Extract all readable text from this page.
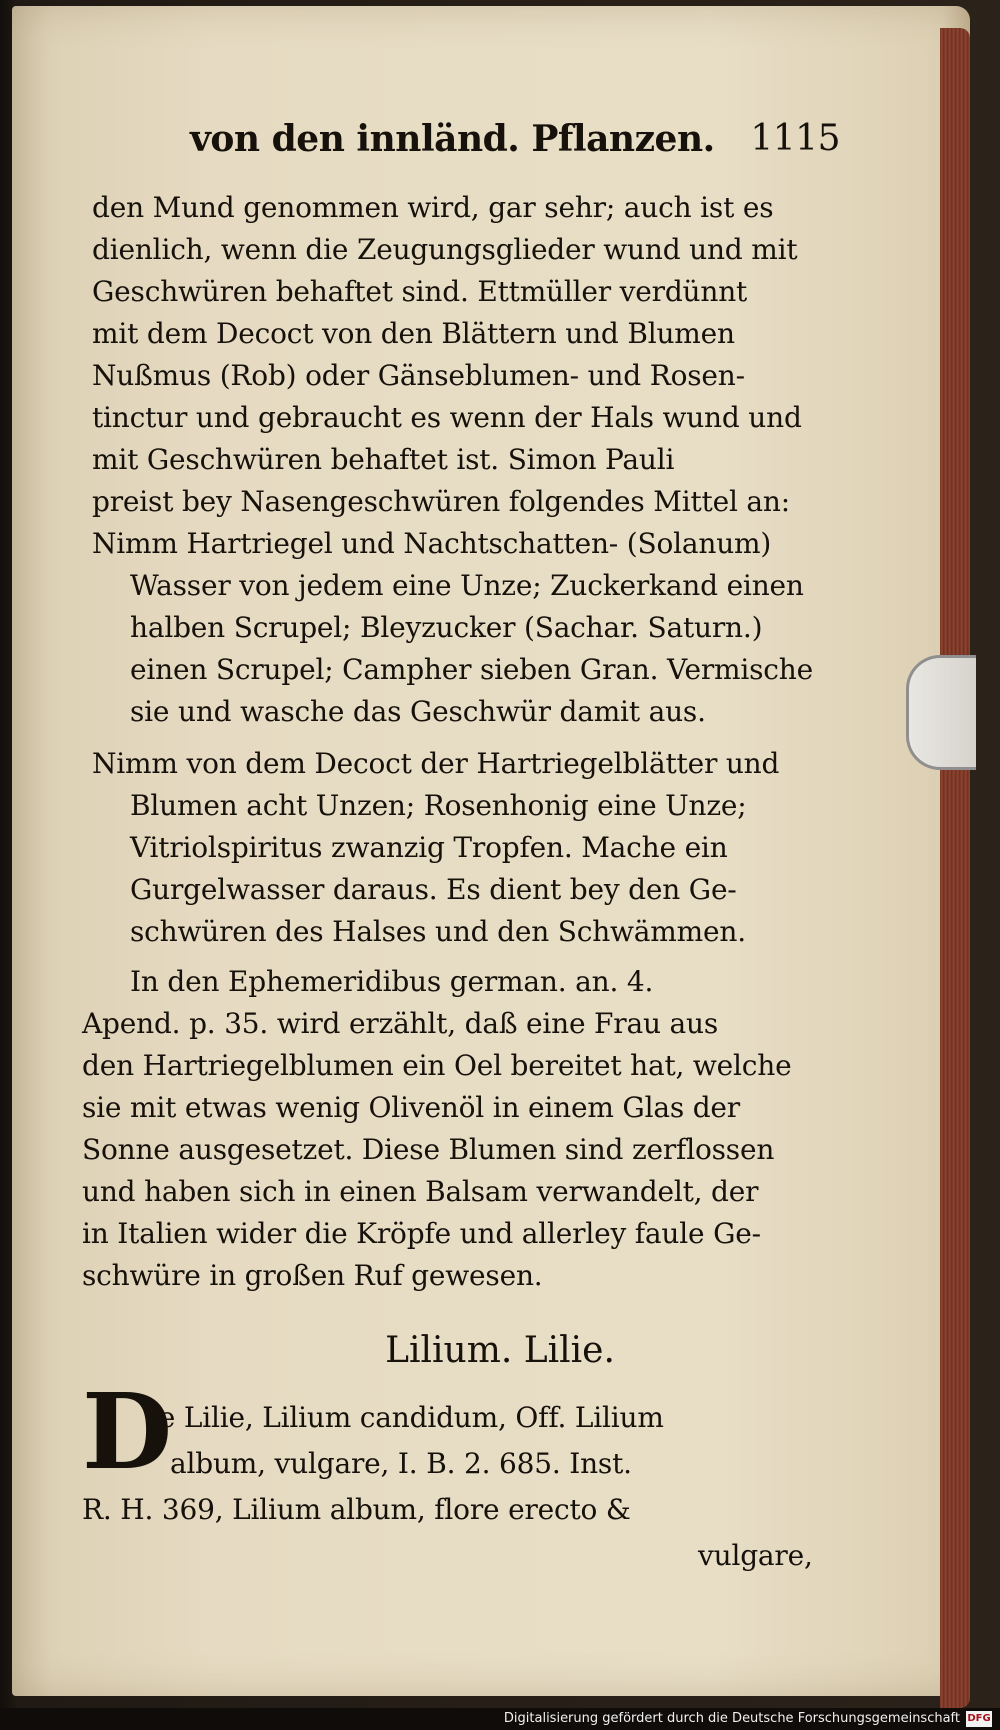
von den innländ. Pflanzen. 1115
den Mund genommen wird, gar sehr; auch ist es
dienlich, wenn die Zeugungsglieder wund und mit
Geschwüren behaftet sind. Ettmüller verdünnt
mit dem Decoct von den Blättern und Blumen
Nußmus (Rob) oder Gänseblumen- und Rosen-
tinctur und gebraucht es wenn der Hals wund und
mit Geschwüren behaftet ist. Simon Pauli
preist bey Nasengeschwüren folgendes Mittel an:
Nimm Hartriegel und Nachtschatten- (Solanum)
Wasser von jedem eine Unze; Zuckerkand einen
halben Scrupel; Bleyzucker (Sachar. Saturn.)
einen Scrupel; Campher sieben Gran. Vermische
sie und wasche das Geschwür damit aus.
Nimm von dem Decoct der Hartriegelblätter und
Blumen acht Unzen; Rosenhonig eine Unze;
Vitriolspiritus zwanzig Tropfen. Mache ein
Gurgelwasser daraus. Es dient bey den Ge-
schwüren des Halses und den Schwämmen.
In den Ephemeridibus german. an. 4.
Apend. p. 35. wird erzählt, daß eine Frau aus
den Hartriegelblumen ein Oel bereitet hat, welche
sie mit etwas wenig Olivenöl in einem Glas der
Sonne ausgesetzet. Diese Blumen sind zerflossen
und haben sich in einen Balsam verwandelt, der
in Italien wider die Kröpfe und allerley faule Ge-
schwüre in großen Ruf gewesen.
Lilium. Lilie.
D
ie Lilie, Lilium candidum, Off. Lilium
album, vulgare, I. B. 2. 685. Inst.
R. H. 369, Lilium album, flore erecto &
vulgare,
Digitalisierung gefördert durch die Deutsche Forschungsgemeinschaft DFG
